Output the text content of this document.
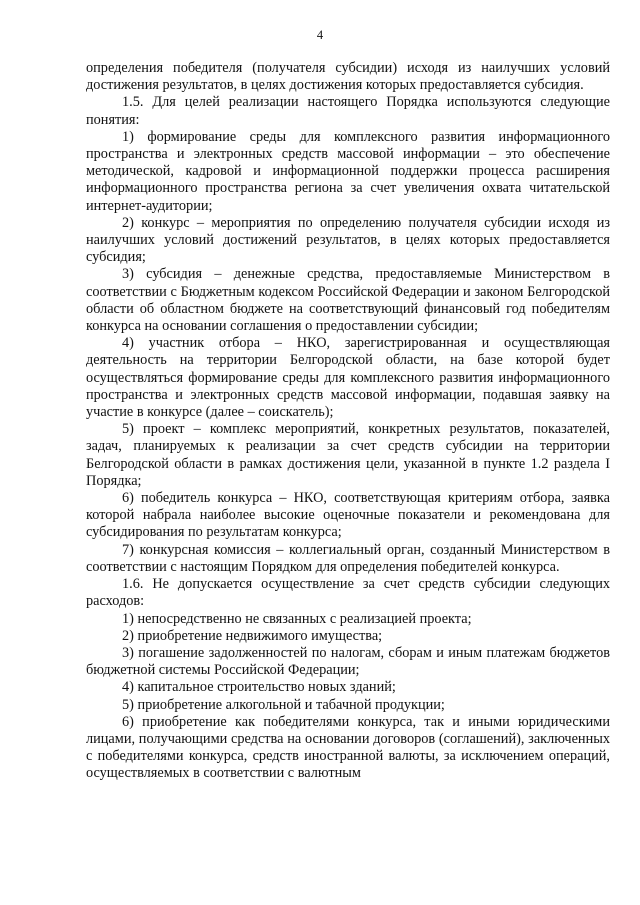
4

определения победителя (получателя субсидии) исходя из наилучших условий достижения результатов, в целях достижения которых предоставляется субсидия.

1.5. Для целей реализации настоящего Порядка используются следующие понятия:

1) формирование среды для комплексного развития информационного пространства и электронных средств массовой информации – это обеспечение методической, кадровой и информационной поддержки процесса расширения информационного пространства региона за счет увеличения охвата читательской интернет-аудитории;

2) конкурс – мероприятия по определению получателя субсидии исходя из наилучших условий достижений результатов, в целях которых предоставляется субсидия;

3) субсидия – денежные средства, предоставляемые Министерством в соответствии с Бюджетным кодексом Российской Федерации и законом Белгородской области об областном бюджете на соответствующий финансовый год победителям конкурса на основании соглашения о предоставлении субсидии;

4) участник отбора – НКО, зарегистрированная и осуществляющая деятельность на территории Белгородской области, на базе которой будет осуществляться формирование среды для комплексного развития информационного пространства и электронных средств массовой информации, подавшая заявку на участие в конкурсе (далее – соискатель);

5) проект – комплекс мероприятий, конкретных результатов, показателей, задач, планируемых к реализации за счет средств субсидии на территории Белгородской области в рамках достижения цели, указанной в пункте 1.2 раздела I Порядка;

6) победитель конкурса – НКО, соответствующая критериям отбора, заявка которой набрала наиболее высокие оценочные показатели и рекомендована для субсидирования по результатам конкурса;

7) конкурсная комиссия – коллегиальный орган, созданный Министерством в соответствии с настоящим Порядком для определения победителей конкурса.

1.6. Не допускается осуществление за счет средств субсидии следующих расходов:

1) непосредственно не связанных с реализацией проекта;

2) приобретение недвижимого имущества;

3) погашение задолженностей по налогам, сборам и иным платежам бюджетов бюджетной системы Российской Федерации;

4) капитальное строительство новых зданий;

5) приобретение алкогольной и табачной продукции;

6) приобретение как победителями конкурса, так и иными юридическими лицами, получающими средства на основании договоров (соглашений), заключенных с победителями конкурса, средств иностранной валюты, за исключением операций, осуществляемых в соответствии с валютным
